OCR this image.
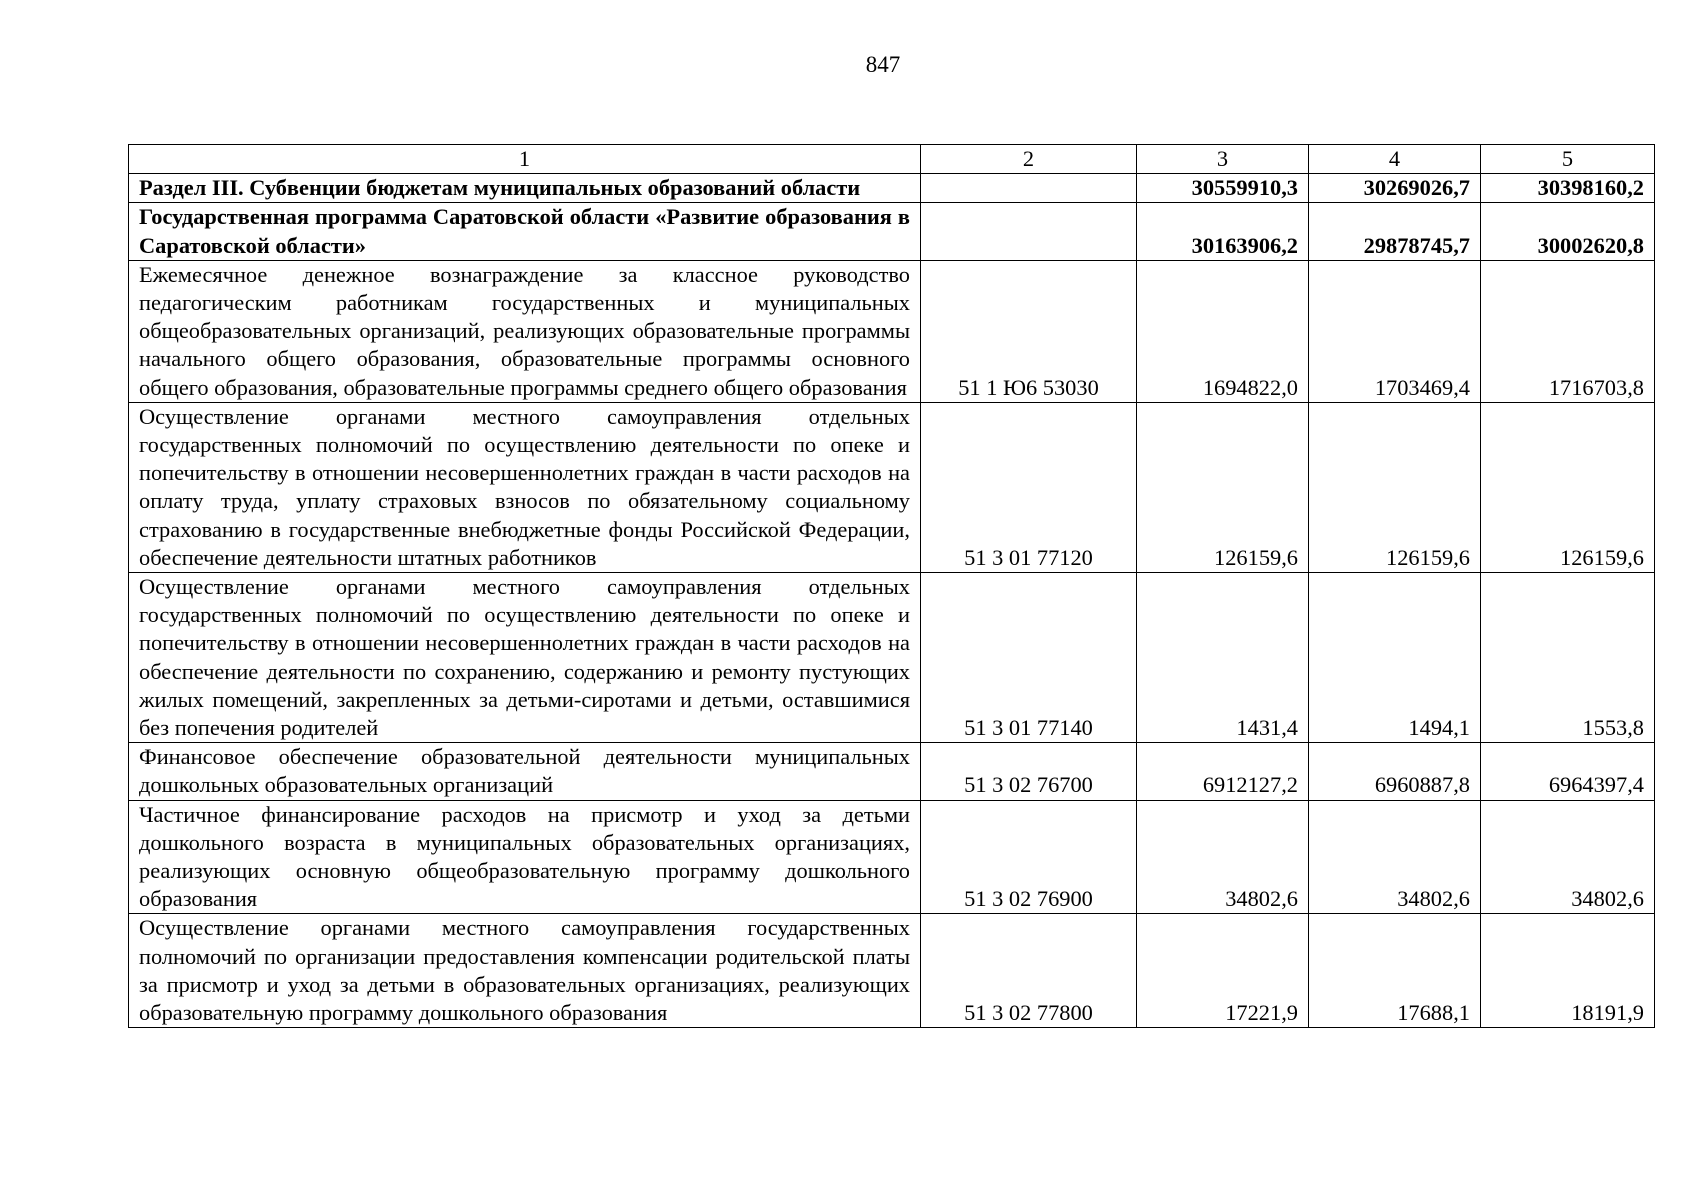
847
1	2	3	4	5
Раздел III. Субвенции бюджетам муниципальных образований области		30559910,3	30269026,7	30398160,2
Государственная программа Саратовской области «Развитие образования в Саратовской области»		30163906,2	29878745,7	30002620,8
Ежемесячное денежное вознаграждение за классное руководство педагогическим работникам государственных и муниципальных общеобразовательных организаций, реализующих образовательные программы начального общего образования, образовательные программы основного общего образования, образовательные программы среднего общего образования	51 1 Ю6 53030	1694822,0	1703469,4	1716703,8
Осуществление органами местного самоуправления отдельных государственных полномочий по осуществлению деятельности по опеке и попечительству в отношении несовершеннолетних граждан в части расходов на оплату труда, уплату страховых взносов по обязательному социальному страхованию в государственные внебюджетные фонды Российской Федерации, обеспечение деятельности штатных работников	51 3 01 77120	126159,6	126159,6	126159,6
Осуществление органами местного самоуправления отдельных государственных полномочий по осуществлению деятельности по опеке и попечительству в отношении несовершеннолетних граждан в части расходов на обеспечение деятельности по сохранению, содержанию и ремонту пустующих жилых помещений, закрепленных за детьми-сиротами и детьми, оставшимися без попечения родителей	51 3 01 77140	1431,4	1494,1	1553,8
Финансовое обеспечение образовательной деятельности муниципальных дошкольных образовательных организаций	51 3 02 76700	6912127,2	6960887,8	6964397,4
Частичное финансирование расходов на присмотр и уход за детьми дошкольного возраста в муниципальных образовательных организациях, реализующих основную общеобразовательную программу дошкольного образования	51 3 02 76900	34802,6	34802,6	34802,6
Осуществление органами местного самоуправления государственных полномочий по организации предоставления компенсации родительской платы за присмотр и уход за детьми в образовательных организациях, реализующих образовательную программу дошкольного образования	51 3 02 77800	17221,9	17688,1	18191,9
